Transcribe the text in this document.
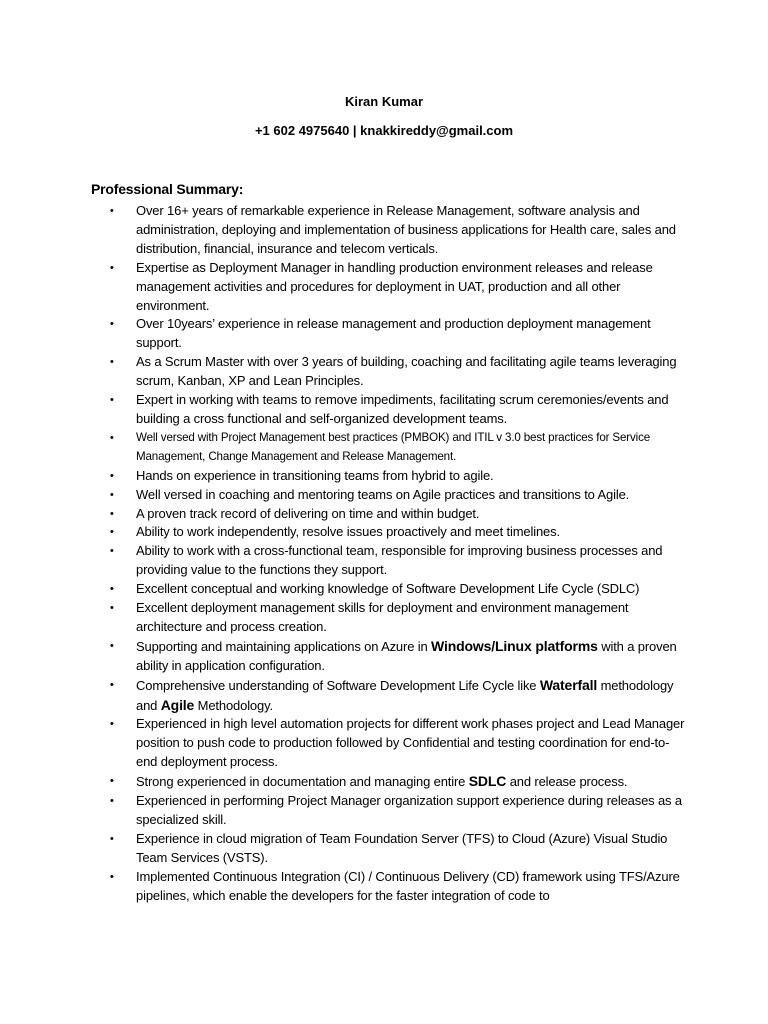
Kiran Kumar
+1 602 4975640 | knakkireddy@gmail.com
Professional Summary:
•	Over 16+ years of remarkable experience in Release Management, software analysis and administration, deploying and implementation of business applications for Health care, sales and distribution, financial, insurance and telecom verticals.
•	Expertise as Deployment Manager in handling production environment releases and release management activities and procedures for deployment in UAT, production and all other environment.
•	Over 10years’ experience in release management and production deployment management support.
•	As a Scrum Master with over 3 years of building, coaching and facilitating agile teams leveraging scrum, Kanban, XP and Lean Principles.
•	Expert in working with teams to remove impediments, facilitating scrum ceremonies/events and building a cross functional and self-organized development teams.
•	Well versed with Project Management best practices (PMBOK) and ITIL v 3.0 best practices for Service Management, Change Management and Release Management.
•	Hands on experience in transitioning teams from hybrid to agile.
•	Well versed in coaching and mentoring teams on Agile practices and transitions to Agile.
•	A proven track record of delivering on time and within budget.
•	Ability to work independently, resolve issues proactively and meet timelines.
•	Ability to work with a cross-functional team, responsible for improving business processes and providing value to the functions they support.
•	Excellent conceptual and working knowledge of Software Development Life Cycle (SDLC)
•	Excellent deployment management skills for deployment and environment management architecture and process creation.
•	Supporting and maintaining applications on Azure in Windows/Linux platforms with a proven ability in application configuration.
•	Comprehensive understanding of Software Development Life Cycle like Waterfall methodology and Agile Methodology.
•	Experienced in high level automation projects for different work phases project and Lead Manager position to push code to production followed by Confidential and testing coordination for end-to-end deployment process.
•	Strong experienced in documentation and managing entire SDLC and release process.
•	Experienced in performing Project Manager organization support experience during releases as a specialized skill.
•	Experience in cloud migration of Team Foundation Server (TFS) to Cloud (Azure) Visual Studio Team Services (VSTS).
•	Implemented Continuous Integration (CI) / Continuous Delivery (CD) framework using TFS/Azure pipelines, which enable the developers for the faster integration of code to
